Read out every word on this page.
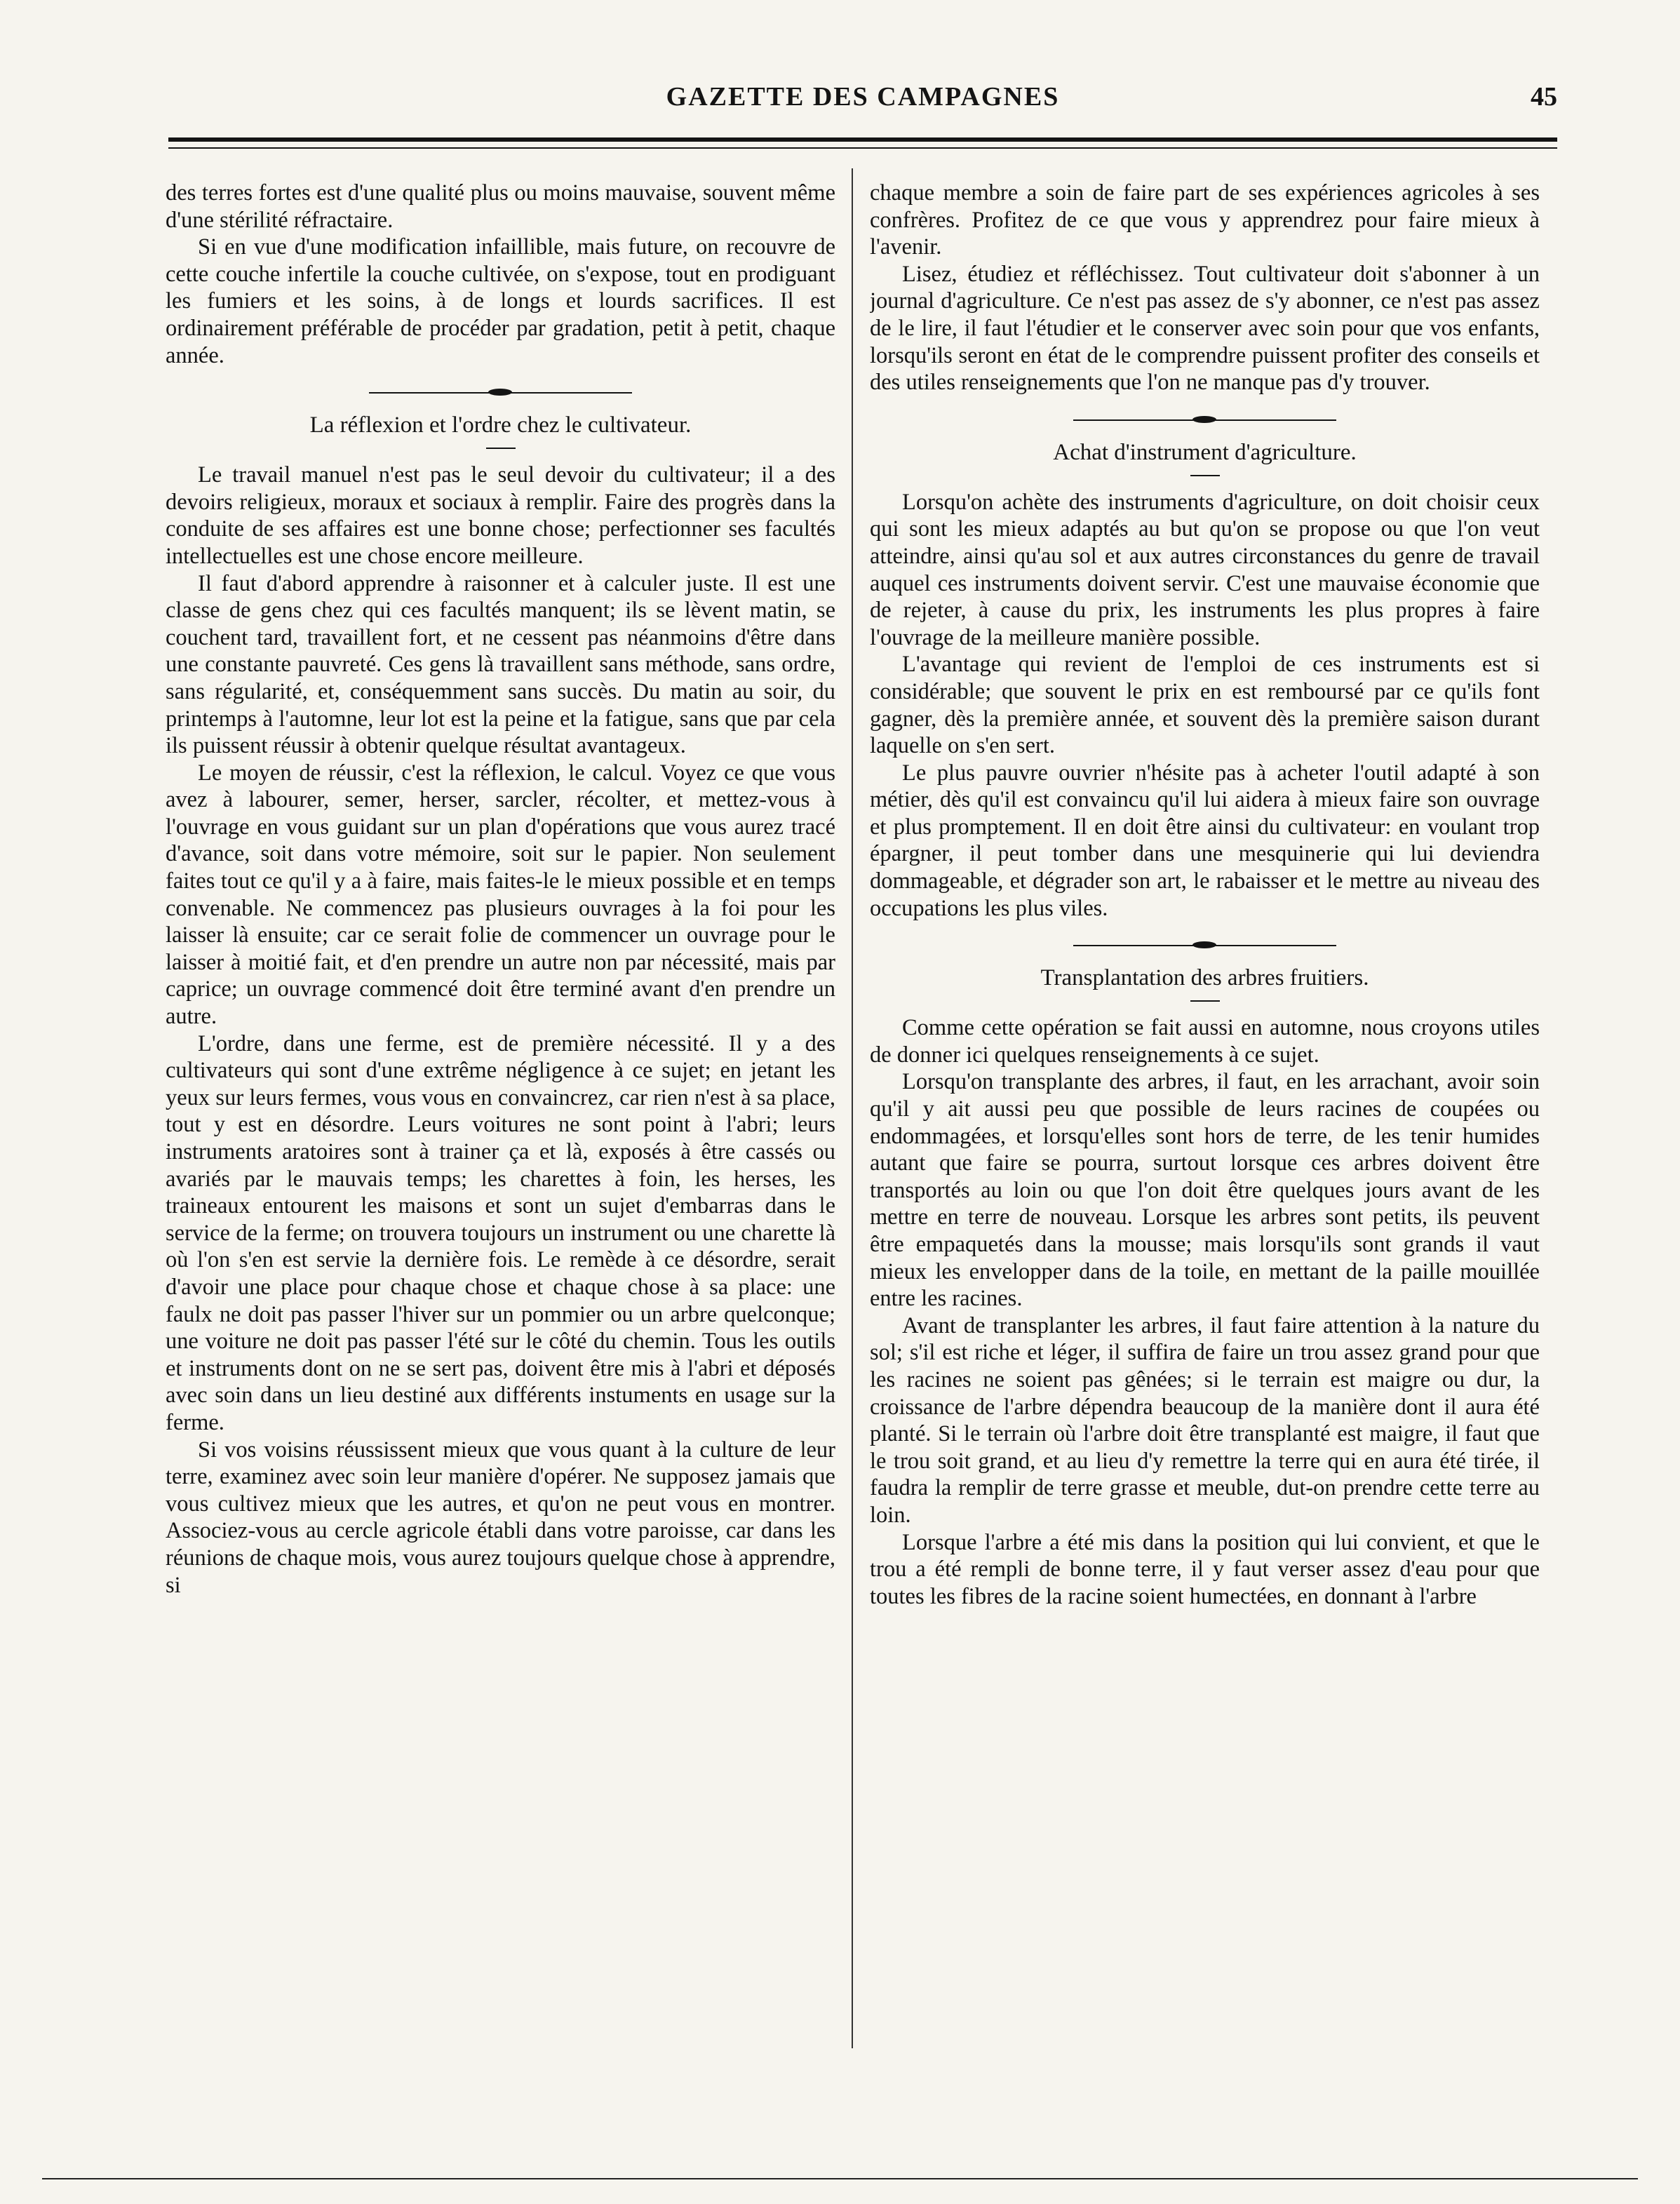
GAZETTE DES CAMPAGNES	45

des terres fortes est d'une qualité plus ou moins mauvaise, souvent même d'une stérilité réfractaire.

Si en vue d'une modification infaillible, mais future, on recouvre de cette couche infertile la couche cultivée, on s'expose, tout en prodiguant les fumiers et les soins, à de longs et lourds sacrifices. Il est ordinairement préférable de procéder par gradation, petit à petit, chaque année.

La réflexion et l'ordre chez le cultivateur.

Le travail manuel n'est pas le seul devoir du cultivateur; il a des devoirs religieux, moraux et sociaux à remplir. Faire des progrès dans la conduite de ses affaires est une bonne chose; perfectionner ses facultés intellectuelles est une chose encore meilleure.

Il faut d'abord apprendre à raisonner et à calculer juste. Il est une classe de gens chez qui ces facultés manquent; ils se lèvent matin, se couchent tard, travaillent fort, et ne cessent pas néanmoins d'être dans une constante pauvreté. Ces gens là travaillent sans méthode, sans ordre, sans régularité, et, conséquemment sans succès. Du matin au soir, du printemps à l'automne, leur lot est la peine et la fatigue, sans que par cela ils puissent réussir à obtenir quelque résultat avantageux.

Le moyen de réussir, c'est la réflexion, le calcul. Voyez ce que vous avez à labourer, semer, herser, sarcler, récolter, et mettez-vous à l'ouvrage en vous guidant sur un plan d'opérations que vous aurez tracé d'avance, soit dans votre mémoire, soit sur le papier. Non seulement faites tout ce qu'il y a à faire, mais faites-le le mieux possible et en temps convenable. Ne commencez pas plusieurs ouvrages à la foi pour les laisser là ensuite; car ce serait folie de commencer un ouvrage pour le laisser à moitié fait, et d'en prendre un autre non par nécessité, mais par caprice; un ouvrage commencé doit être terminé avant d'en prendre un autre.

L'ordre, dans une ferme, est de première nécessité. Il y a des cultivateurs qui sont d'une extrême négligence à ce sujet; en jetant les yeux sur leurs fermes, vous vous en convaincrez, car rien n'est à sa place, tout y est en désordre. Leurs voitures ne sont point à l'abri; leurs instruments aratoires sont à trainer ça et là, exposés à être cassés ou avariés par le mauvais temps; les charettes à foin, les herses, les traineaux entourent les maisons et sont un sujet d'embarras dans le service de la ferme; on trouvera toujours un instrument ou une charette là où l'on s'en est servie la dernière fois. Le remède à ce désordre, serait d'avoir une place pour chaque chose et chaque chose à sa place: une faulx ne doit pas passer l'hiver sur un pommier ou un arbre quelconque; une voiture ne doit pas passer l'été sur le côté du chemin. Tous les outils et instruments dont on ne se sert pas, doivent être mis à l'abri et déposés avec soin dans un lieu destiné aux différents instuments en usage sur la ferme.

Si vos voisins réussissent mieux que vous quant à la culture de leur terre, examinez avec soin leur manière d'opérer. Ne supposez jamais que vous cultivez mieux que les autres, et qu'on ne peut vous en montrer. Associez-vous au cercle agricole établi dans votre paroisse, car dans les réunions de chaque mois, vous aurez toujours quelque chose à apprendre, si

chaque membre a soin de faire part de ses expériences agricoles à ses confrères. Profitez de ce que vous y apprendrez pour faire mieux à l'avenir.

Lisez, étudiez et réfléchissez. Tout cultivateur doit s'abonner à un journal d'agriculture. Ce n'est pas assez de s'y abonner, ce n'est pas assez de le lire, il faut l'étudier et le conserver avec soin pour que vos enfants, lorsqu'ils seront en état de le comprendre puissent profiter des conseils et des utiles renseignements que l'on ne manque pas d'y trouver.

Achat d'instrument d'agriculture.

Lorsqu'on achète des instruments d'agriculture, on doit choisir ceux qui sont les mieux adaptés au but qu'on se propose ou que l'on veut atteindre, ainsi qu'au sol et aux autres circonstances du genre de travail auquel ces instruments doivent servir. C'est une mauvaise économie que de rejeter, à cause du prix, les instruments les plus propres à faire l'ouvrage de la meilleure manière possible.

L'avantage qui revient de l'emploi de ces instruments est si considérable; que souvent le prix en est remboursé par ce qu'ils font gagner, dès la première année, et souvent dès la première saison durant laquelle on s'en sert.

Le plus pauvre ouvrier n'hésite pas à acheter l'outil adapté à son métier, dès qu'il est convaincu qu'il lui aidera à mieux faire son ouvrage et plus promptement. Il en doit être ainsi du cultivateur: en voulant trop épargner, il peut tomber dans une mesquinerie qui lui deviendra dommageable, et dégrader son art, le rabaisser et le mettre au niveau des occupations les plus viles.

Transplantation des arbres fruitiers.

Comme cette opération se fait aussi en automne, nous croyons utiles de donner ici quelques renseignements à ce sujet.

Lorsqu'on transplante des arbres, il faut, en les arrachant, avoir soin qu'il y ait aussi peu que possible de leurs racines de coupées ou endommagées, et lorsqu'elles sont hors de terre, de les tenir humides autant que faire se pourra, surtout lorsque ces arbres doivent être transportés au loin ou que l'on doit être quelques jours avant de les mettre en terre de nouveau. Lorsque les arbres sont petits, ils peuvent être empaquetés dans la mousse; mais lorsqu'ils sont grands il vaut mieux les envelopper dans de la toile, en mettant de la paille mouillée entre les racines.

Avant de transplanter les arbres, il faut faire attention à la nature du sol; s'il est riche et léger, il suffira de faire un trou assez grand pour que les racines ne soient pas gênées; si le terrain est maigre ou dur, la croissance de l'arbre dépendra beaucoup de la manière dont il aura été planté. Si le terrain où l'arbre doit être transplanté est maigre, il faut que le trou soit grand, et au lieu d'y remettre la terre qui en aura été tirée, il faudra la remplir de terre grasse et meuble, dut-on prendre cette terre au loin.

Lorsque l'arbre a été mis dans la position qui lui convient, et que le trou a été rempli de bonne terre, il y faut verser assez d'eau pour que toutes les fibres de la racine soient humectées, en donnant à l'arbre
